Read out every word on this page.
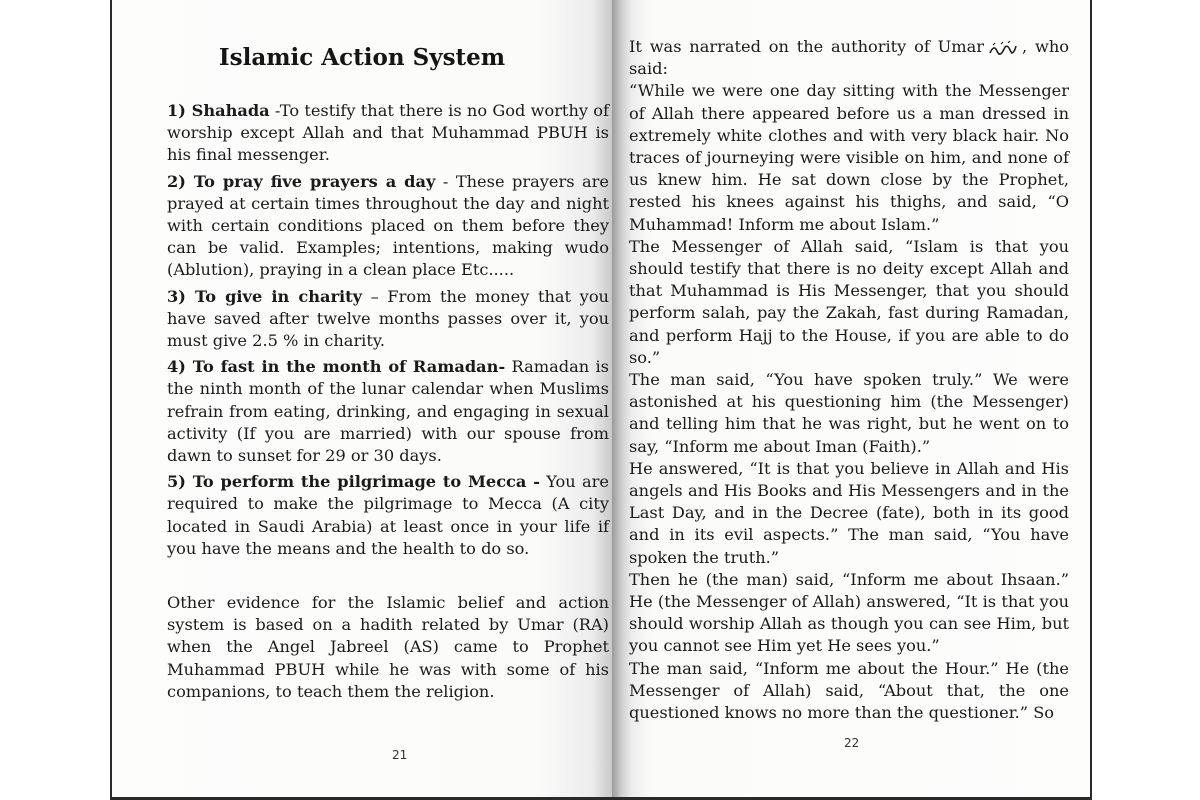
Islamic Action System

1) Shahada -To testify that there is no God worthy of worship except Allah and that Muhammad PBUH is his final messenger.

2) To pray five prayers a day - These prayers are prayed at certain times throughout the day and night with certain conditions placed on them before they can be valid. Examples; intentions, making wudo (Ablution), praying in a clean place Etc.....

3) To give in charity – From the money that you have saved after twelve months passes over it, you must give 2.5 % in charity.

4) To fast in the month of Ramadan- Ramadan is the ninth month of the lunar calendar when Muslims refrain from eating, drinking, and engaging in sexual activity (If you are married) with our spouse from dawn to sunset for 29 or 30 days.

5) To perform the pilgrimage to Mecca - You are required to make the pilgrimage to Mecca (A city located in Saudi Arabia) at least once in your life if you have the means and the health to do so.

Other evidence for the Islamic belief and action system is based on a hadith related by Umar (RA) when the Angel Jabreel (AS) came to Prophet Muhammad PBUH while he was with some of his companions, to teach them the religion.

21

It was narrated on the authority of Umar , who said:

“While we were one day sitting with the Messenger of Allah there appeared before us a man dressed in extremely white clothes and with very black hair. No traces of journeying were visible on him, and none of us knew him. He sat down close by the Prophet, rested his knees against his thighs, and said, “O Muhammad! Inform me about Islam.”

The Messenger of Allah said, “Islam is that you should testify that there is no deity except Allah and that Muhammad is His Messenger, that you should perform salah, pay the Zakah, fast during Ramadan, and perform Hajj to the House, if you are able to do so.”

The man said, “You have spoken truly.” We were astonished at his questioning him (the Messenger) and telling him that he was right, but he went on to say, “Inform me about Iman (Faith).”

He answered, “It is that you believe in Allah and His angels and His Books and His Messengers and in the Last Day, and in the Decree (fate), both in its good and in its evil aspects.” The man said, “You have spoken the truth.”

Then he (the man) said, “Inform me about Ihsaan.” He (the Messenger of Allah) answered, “It is that you should worship Allah as though you can see Him, but you cannot see Him yet He sees you.”

The man said, “Inform me about the Hour.” He (the Messenger of Allah) said, “About that, the one questioned knows no more than the questioner.” So

22
